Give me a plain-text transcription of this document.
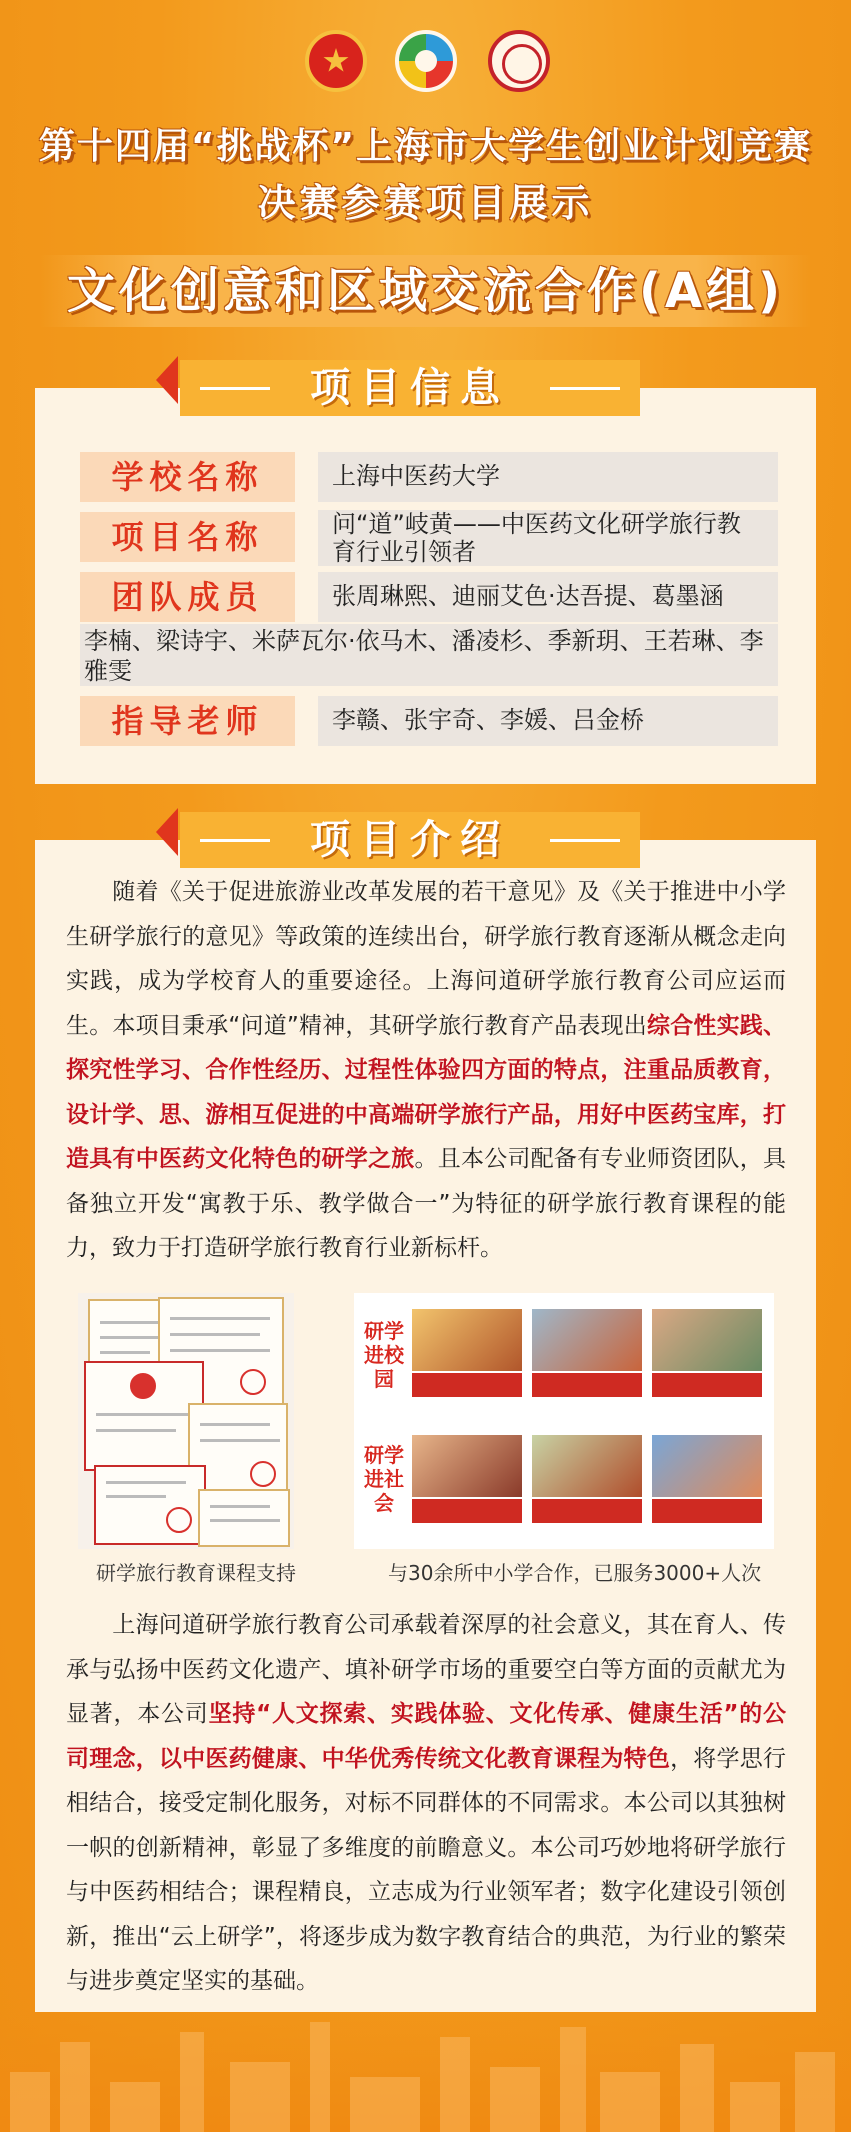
第十四届“挑战杯”上海市大学生创业计划竞赛
决赛参赛项目展示
文化创意和区域交流合作(A组)
项目信息
学校名称	上海中医药大学
项目名称	问“道”岐黄——中医药文化研学旅行教育行业引领者
团队成员	张周琳熙、迪丽艾色·达吾提、葛墨涵
李楠、梁诗宇、米萨瓦尔·依马木、潘凌杉、季新玥、王若琳、李雅雯
指导老师	李赣、张宇奇、李媛、吕金桥
项目介绍
随着《关于促进旅游业改革发展的若干意见》及《关于推进中小学生研学旅行的意见》等政策的连续出台，研学旅行教育逐渐从概念走向实践，成为学校育人的重要途径。上海问道研学旅行教育公司应运而生。本项目秉承“问道”精神，其研学旅行教育产品表现出综合性实践、探究性学习、合作性经历、过程性体验四方面的特点，注重品质教育，设计学、思、游相互促进的中高端研学旅行产品，用好中医药宝库，打造具有中医药文化特色的研学之旅。且本公司配备有专业师资团队，具备独立开发“寓教于乐、教学做合一”为特征的研学旅行教育课程的能力，致力于打造研学旅行教育行业新标杆。
研学进校园
研学进社会
研学旅行教育课程支持	与30余所中小学合作，已服务3000+人次
上海问道研学旅行教育公司承载着深厚的社会意义，其在育人、传承与弘扬中医药文化遗产、填补研学市场的重要空白等方面的贡献尤为显著，本公司坚持“人文探索、实践体验、文化传承、健康生活”的公司理念，以中医药健康、中华优秀传统文化教育课程为特色，将学思行相结合，接受定制化服务，对标不同群体的不同需求。本公司以其独树一帜的创新精神，彰显了多维度的前瞻意义。本公司巧妙地将研学旅行与中医药相结合；课程精良，立志成为行业领军者；数字化建设引领创新，推出“云上研学”，将逐步成为数字教育结合的典范，为行业的繁荣与进步奠定坚实的基础。
